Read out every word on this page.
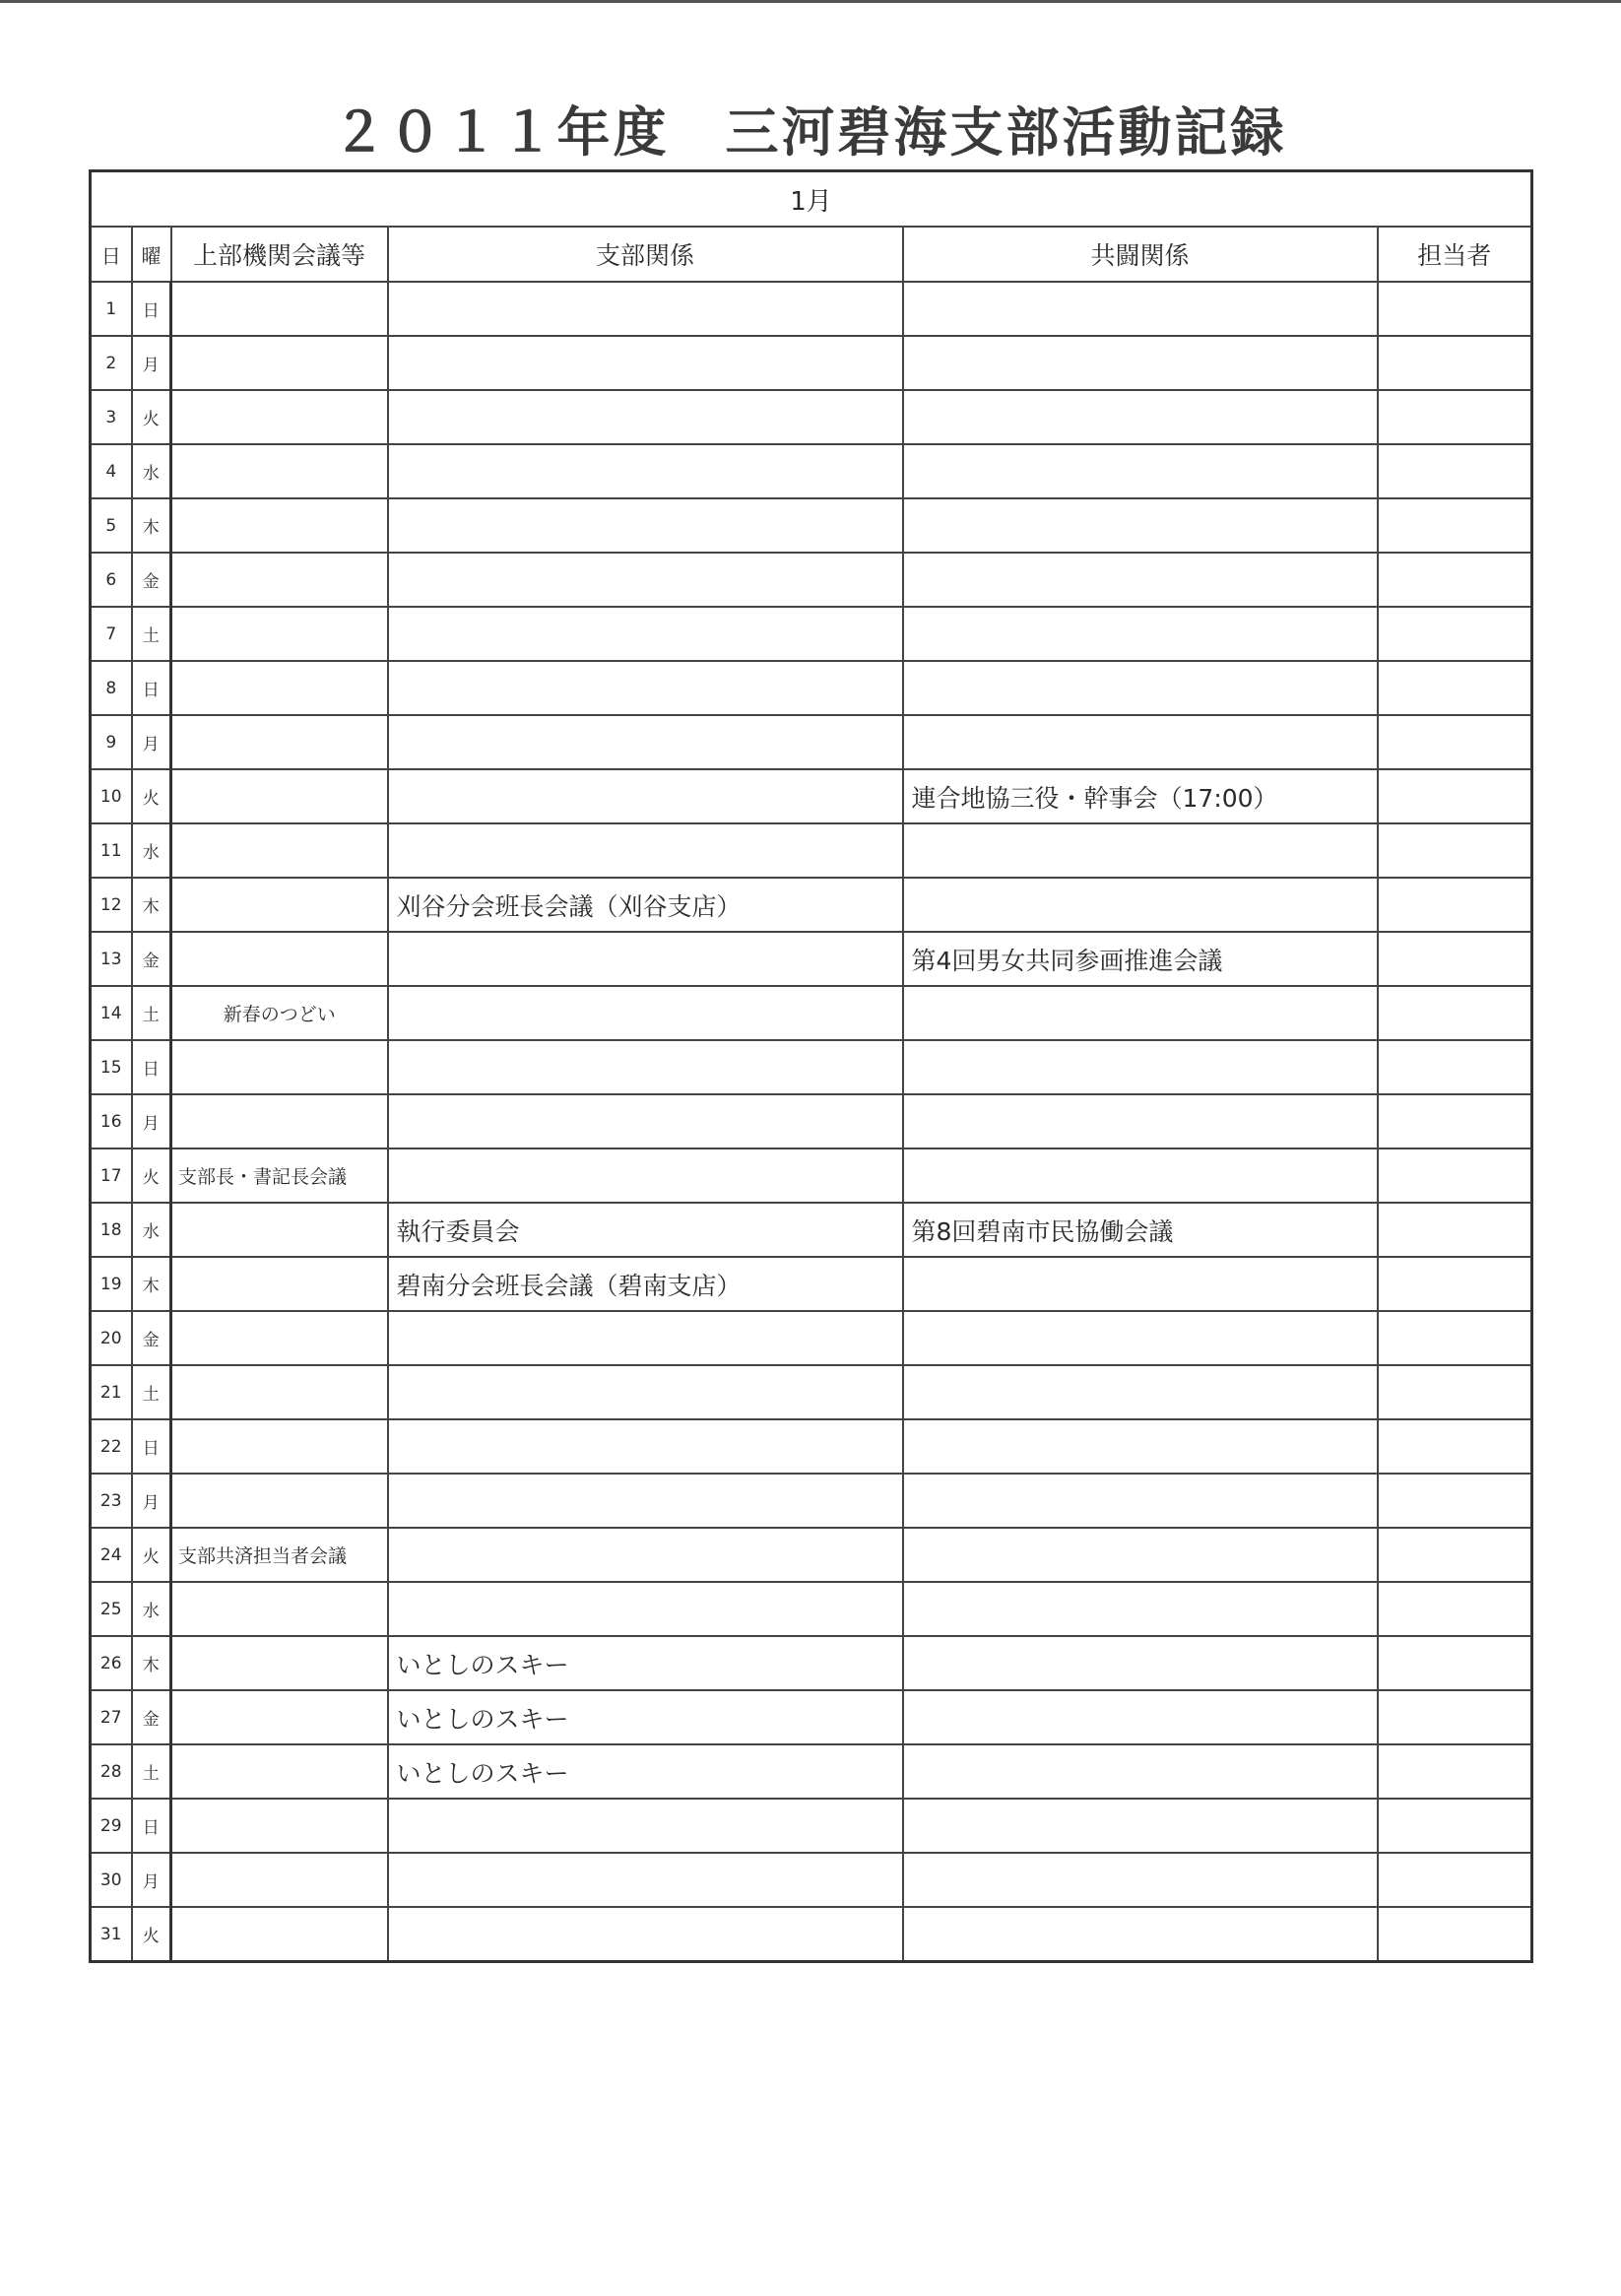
２０１１年度　三河碧海支部活動記録
1月					
日	曜	上部機関会議等	支部関係	共闘関係	担当者
1	日				
2	月				
3	火				
4	水				
5	木				
6	金				
7	土				
8	日				
9	月				
10	火			連合地協三役・幹事会（17:00）	
11	水				
12	木		刈谷分会班長会議（刈谷支店）		
13	金			第4回男女共同参画推進会議	
14	土	新春のつどい			
15	日				
16	月				
17	火	支部長・書記長会議			
18	水		執行委員会	第8回碧南市民協働会議	
19	木		碧南分会班長会議（碧南支店）		
20	金				
21	土				
22	日				
23	月				
24	火	支部共済担当者会議			
25	水				
26	木		いとしのスキー		
27	金		いとしのスキー		
28	土		いとしのスキー		
29	日				
30	月				
31	火				
